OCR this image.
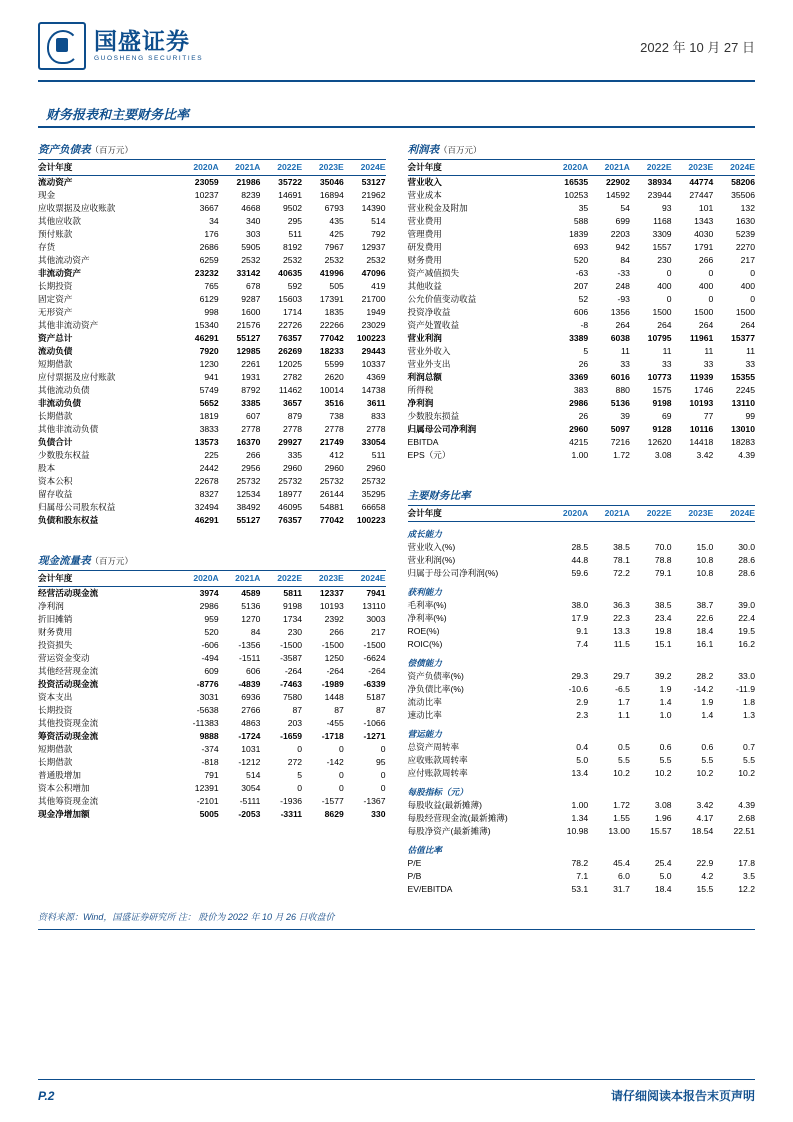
国盛证券
GUOSHENG SECURITIES
2022 年 10 月 27 日
财务报表和主要财务比率
资产负债表（百万元）
会计年度	2020A	2021A	2022E	2023E	2024E
流动资产	23059	21986	35722	35046	53127
现金	10237	8239	14691	16894	21962
应收票据及应收账款	3667	4668	9502	6793	14390
其他应收款	34	340	295	435	514
预付账款	176	303	511	425	792
存货	2686	5905	8192	7967	12937
其他流动资产	6259	2532	2532	2532	2532
非流动资产	23232	33142	40635	41996	47096
长期投资	765	678	592	505	419
固定资产	6129	9287	15603	17391	21700
无形资产	998	1600	1714	1835	1949
其他非流动资产	15340	21576	22726	22266	23029
资产总计	46291	55127	76357	77042	100223
流动负债	7920	12985	26269	18233	29443
短期借款	1230	2261	12025	5599	10337
应付票据及应付账款	941	1931	2782	2620	4369
其他流动负债	5749	8792	11462	10014	14738
非流动负债	5652	3385	3657	3516	3611
长期借款	1819	607	879	738	833
其他非流动负债	3833	2778	2778	2778	2778
负债合计	13573	16370	29927	21749	33054
少数股东权益	225	266	335	412	511
股本	2442	2956	2960	2960	2960
资本公积	22678	25732	25732	25732	25732
留存收益	8327	12534	18977	26144	35295
归属母公司股东权益	32494	38492	46095	54881	66658
负债和股东权益	46291	55127	76357	77042	100223
现金流量表（百万元）
会计年度	2020A	2021A	2022E	2023E	2024E
经营活动现金流	3974	4589	5811	12337	7941
净利润	2986	5136	9198	10193	13110
折旧摊销	959	1270	1734	2392	3003
财务费用	520	84	230	266	217
投资损失	-606	-1356	-1500	-1500	-1500
营运资金变动	-494	-1511	-3587	1250	-6624
其他经营现金流	609	606	-264	-264	-264
投资活动现金流	-8776	-4839	-7463	-1989	-6339
资本支出	3031	6936	7580	1448	5187
长期投资	-5638	2766	87	87	87
其他投资现金流	-11383	4863	203	-455	-1066
筹资活动现金流	9888	-1724	-1659	-1718	-1271
短期借款	-374	1031	0	0	0
长期借款	-818	-1212	272	-142	95
普通股增加	791	514	5	0	0
资本公积增加	12391	3054	0	0	0
其他筹资现金流	-2101	-5111	-1936	-1577	-1367
现金净增加额	5005	-2053	-3311	8629	330
利润表（百万元）
会计年度	2020A	2021A	2022E	2023E	2024E
营业收入	16535	22902	38934	44774	58206
营业成本	10253	14592	23944	27447	35506
营业税金及附加	35	54	93	101	132
营业费用	588	699	1168	1343	1630
管理费用	1839	2203	3309	4030	5239
研发费用	693	942	1557	1791	2270
财务费用	520	84	230	266	217
资产减值损失	-63	-33	0	0	0
其他收益	207	248	400	400	400
公允价值变动收益	52	-93	0	0	0
投资净收益	606	1356	1500	1500	1500
资产处置收益	-8	264	264	264	264
营业利润	3389	6038	10795	11961	15377
营业外收入	5	11	11	11	11
营业外支出	26	33	33	33	33
利润总额	3369	6016	10773	11939	15355
所得税	383	880	1575	1746	2245
净利润	2986	5136	9198	10193	13110
少数股东损益	26	39	69	77	99
归属母公司净利润	2960	5097	9128	10116	13010
EBITDA	4215	7216	12620	14418	18283
EPS（元）	1.00	1.72	3.08	3.42	4.39
主要财务比率
会计年度	2020A	2021A	2022E	2023E	2024E
成长能力					
营业收入(%)	28.5	38.5	70.0	15.0	30.0
营业利润(%)	44.8	78.1	78.8	10.8	28.6
归属于母公司净利润(%)	59.6	72.2	79.1	10.8	28.6
获利能力					
毛利率(%)	38.0	36.3	38.5	38.7	39.0
净利率(%)	17.9	22.3	23.4	22.6	22.4
ROE(%)	9.1	13.3	19.8	18.4	19.5
ROIC(%)	7.4	11.5	15.1	16.1	16.2
偿债能力					
资产负债率(%)	29.3	29.7	39.2	28.2	33.0
净负债比率(%)	-10.6	-6.5	1.9	-14.2	-11.9
流动比率	2.9	1.7	1.4	1.9	1.8
速动比率	2.3	1.1	1.0	1.4	1.3
营运能力					
总资产周转率	0.4	0.5	0.6	0.6	0.7
应收账款周转率	5.0	5.5	5.5	5.5	5.5
应付账款周转率	13.4	10.2	10.2	10.2	10.2
每股指标（元）					
每股收益(最新摊薄)	1.00	1.72	3.08	3.42	4.39
每股经营现金流(最新摊薄)	1.34	1.55	1.96	4.17	2.68
每股净资产(最新摊薄)	10.98	13.00	15.57	18.54	22.51
估值比率					
P/E	78.2	45.4	25.4	22.9	17.8
P/B	7.1	6.0	5.0	4.2	3.5
EV/EBITDA	53.1	31.7	18.4	15.5	12.2
资料来源：Wind，国盛证券研究所 注： 股价为 2022 年 10 月 26 日收盘价
P.2	请仔细阅读本报告末页声明
